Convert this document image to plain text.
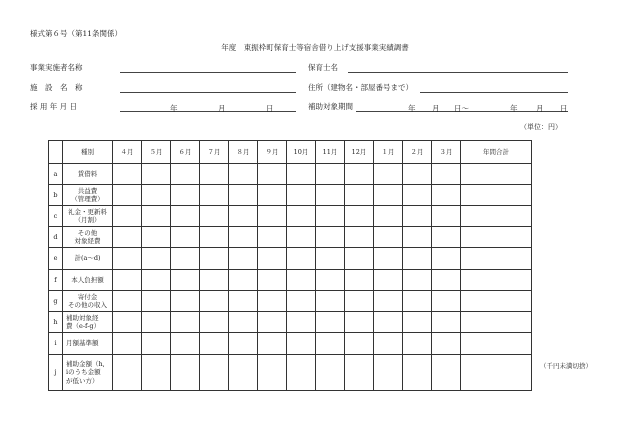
様式第６号（第11条関係）
年度　東振枠町保育士等宿舎借り上げ支援事業実績調書
事業実施者名称	保育士名
施　設　名　称	住所（建物名・部屋番号まで）
採 用 年 月 日	年	月	日	補助対象期間	年 月 日～	年 月 日
（単位：円）
	種別	４月	５月	６月	７月	８月	９月	10月	11月	12月	１月	２月	３月	年間合計
a	賃借料													

b	共益費
（管理費）													

c	礼金・更新料
（月割）													

d	その他
対象経費													

e	計(a～d)													

f	本人負担額													

g	寄付金
その他の収入													

h	補助対象経
費（e-f-g）													

i	月額基準額													

j	補助金額（h,
iのうち金額
が低い方）													

（千円未満切捨）
